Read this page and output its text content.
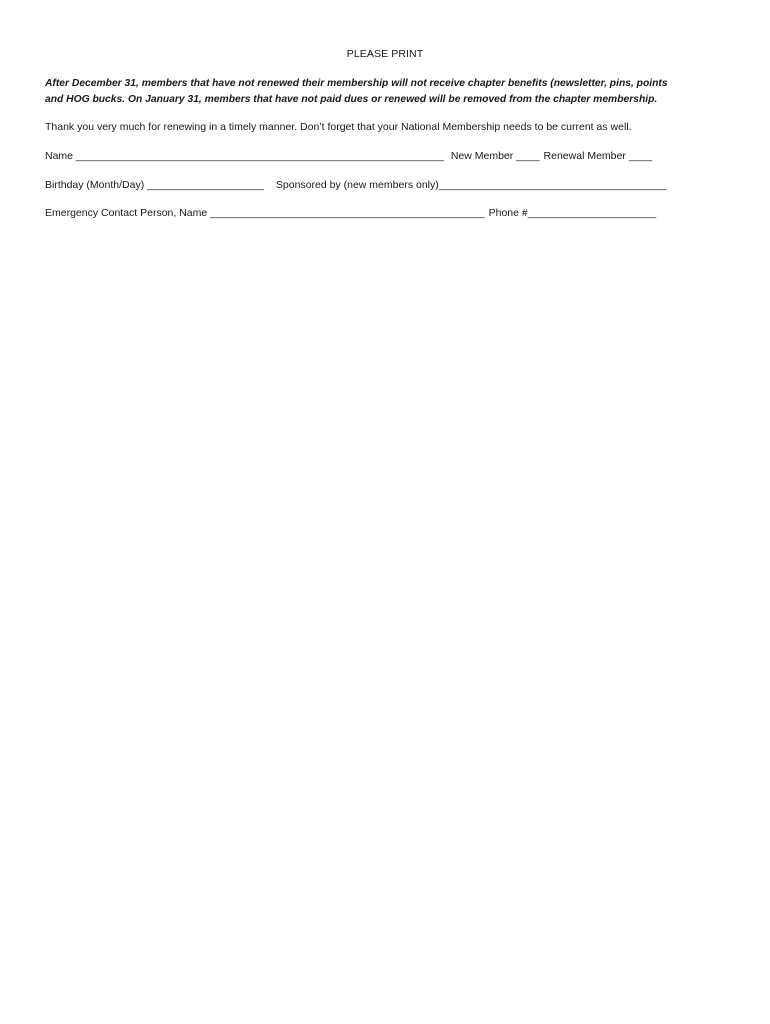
PLEASE PRINT
After December 31, members that have not renewed their membership will not receive chapter benefits (newsletter, pins, points
and HOG bucks. On January 31, members that have not paid dues or renewed will be removed from the chapter membership.
Thank you very much for renewing in a timely manner. Don’t forget that your National Membership needs to be current as well.
Name _______________________________________________________________ New Member ____ Renewal Member ____
Birthday (Month/Day) ____________________ Sponsored by (new members only)_______________________________________
Emergency Contact Person, Name _______________________________________________ Phone #______________________
